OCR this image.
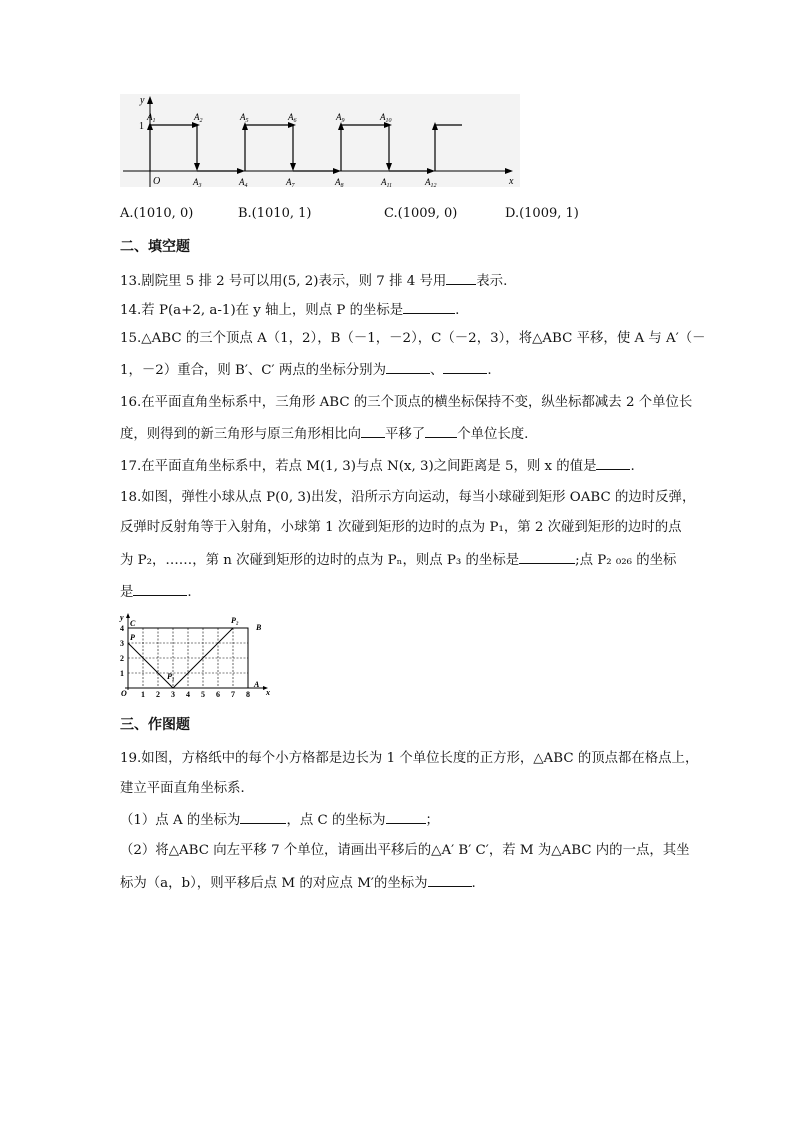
y
x
O
1
$A_1$	$A_2$	$A_5$	$A_6$	$A_9$	$A_{10}$
$A_3$	$A_4$	$A_7$	$A_8$	$A_{11}$	$A_{12}$
A.(1010, 0)	B.(1010, 1)	C.(1009, 0)	D.(1009, 1)
二、填空题
13.剧院里 5 排 2 号可以用(5, 2)表示，则 7 排 4 号用 表示.
14.若 P(a+2, a-1)在 y 轴上，则点 P 的坐标是	.
15.△ABC 的三个顶点 A（1，2），B（－1，－2），C（－2，3），将△ABC 平移，使 A 与 A′（－
1，－2）重合，则 B′、C′ 两点的坐标分别为	、	.
16.在平面直角坐标系中，三角形 ABC 的三个顶点的横坐标保持不变，纵坐标都减去 2 个单位长
度，则得到的新三角形与原三角形相比向 平移了 个单位长度.
17.在平面直角坐标系中，若点 M(1, 3)与点 N(x, 3)之间距离是 5，则 x 的值是	.
18.如图，弹性小球从点 P(0, 3)出发，沿所示方向运动，每当小球碰到矩形 OABC 的边时反弹，
反弹时反射角等于入射角，小球第 1 次碰到矩形的边时的点为 P₁，第 2 次碰到矩形的边时的点
为 P₂，……，第 n 次碰到矩形的边时的点为 Pₙ，则点 P₃ 的坐标是	;点 P₂ ₀₂₆ 的坐标
是	.
y
x
C
P
P₁
P₂
B
A
O
4
3
2
1
1 2 3 4 5 6 7 8
三、作图题
19.如图，方格纸中的每个小方格都是边长为 1 个单位长度的正方形，△ABC 的顶点都在格点上，
建立平面直角坐标系．
（1）点 A 的坐标为	，点 C 的坐标为	；
（2）将△ABC 向左平移 7 个单位，请画出平移后的△A′ B′ C′，若 M 为△ABC 内的一点，其坐
标为（a，b），则平移后点 M 的对应点 M′的坐标为	.
